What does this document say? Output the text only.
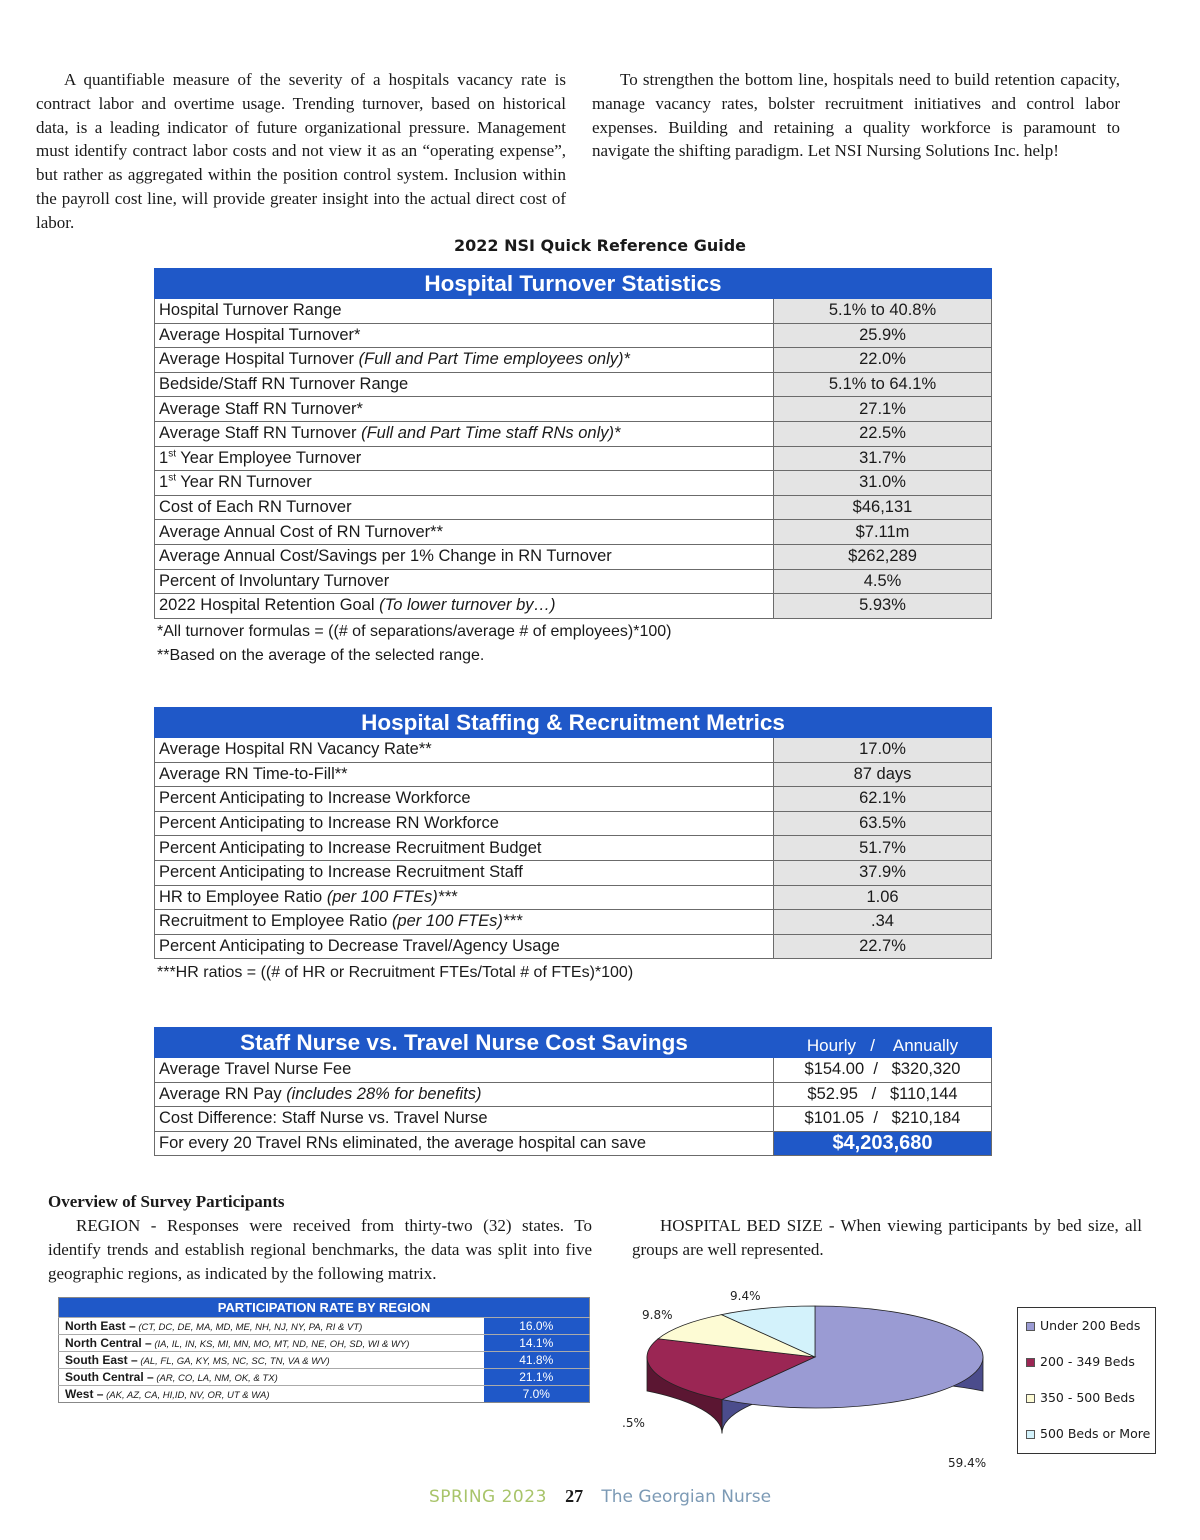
A quantifiable measure of the severity of a hospitals vacancy rate is contract labor and overtime usage. Trending turnover, based on historical data, is a leading indicator of future organizational pressure. Management must identify contract labor costs and not view it as an “operating expense”, but rather as aggregated within the position control system. Inclusion within the payroll cost line, will provide greater insight into the actual direct cost of labor.

To strengthen the bottom line, hospitals need to build retention capacity, manage vacancy rates, bolster recruitment initiatives and control labor expenses. Building and retaining a quality workforce is paramount to navigate the shifting paradigm. Let NSI Nursing Solutions Inc. help!

2022 NSI Quick Reference Guide
Hospital Turnover Statistics	
Hospital Turnover Range	5.1% to 40.8%
Average Hospital Turnover*	25.9%
Average Hospital Turnover (Full and Part Time employees only)*	22.0%
Bedside/Staff RN Turnover Range	5.1% to 64.1%
Average Staff RN Turnover*	27.1%
Average Staff RN Turnover (Full and Part Time staff RNs only)*	22.5%
1st Year Employee Turnover	31.7%
1st Year RN Turnover	31.0%
Cost of Each RN Turnover	$46,131
Average Annual Cost of RN Turnover**	$7.11m
Average Annual Cost/Savings per 1% Change in RN Turnover	$262,289
Percent of Involuntary Turnover	4.5%
2022 Hospital Retention Goal (To lower turnover by…)	5.93%
*All turnover formulas = ((# of separations/average # of employees)*100)
**Based on the average of the selected range.
Hospital Staffing & Recruitment Metrics	
Average Hospital RN Vacancy Rate**	17.0%
Average RN Time-to-Fill**	87 days
Percent Anticipating to Increase Workforce	62.1%
Percent Anticipating to Increase RN Workforce	63.5%
Percent Anticipating to Increase Recruitment Budget	51.7%
Percent Anticipating to Increase Recruitment Staff	37.9%
HR to Employee Ratio (per 100 FTEs)***	1.06
Recruitment to Employee Ratio (per 100 FTEs)***	.34
Percent Anticipating to Decrease Travel/Agency Usage	22.7%
***HR ratios = ((# of HR or Recruitment FTEs/Total # of FTEs)*100)
Staff Nurse vs. Travel Nurse Cost Savings	Hourly   /    Annually
Average Travel Nurse Fee	$154.00  /   $320,320
Average RN Pay (includes 28% for benefits)	$52.95   /   $110,144
Cost Difference: Staff Nurse vs. Travel Nurse	$101.05  /   $210,184
For every 20 Travel RNs eliminated, the average hospital can save	$4,203,680
Overview of Survey Participants

REGION - Responses were received from thirty-two (32) states. To identify trends and establish regional benchmarks, the data was split into five geographic regions, as indicated by the following matrix.

HOSPITAL BED SIZE - When viewing participants by bed size, all groups are well represented.

PARTICIPATION RATE BY REGION	
North East – (CT, DC, DE, MA, MD, ME, NH, NJ, NY, PA, RI & VT)	16.0%
North Central – (IA, IL, IN, KS, MI, MN, MO, MT, ND, NE, OH, SD, WI & WY)	14.1%
South East – (AL, FL, GA, KY, MS, NC, SC, TN, VA & WV)	41.8%
South Central – (AR, CO, LA, NM, OK, & TX)	21.1%
West – (AK, AZ, CA, HI,ID, NV, OR, UT & WA)	7.0%
59.4%
.5%
9.8%
9.4%
Under 200 Beds
200 - 349 Beds
350 - 500 Beds
500 Beds or More
SPRING 2023 27 The Georgian Nurse
